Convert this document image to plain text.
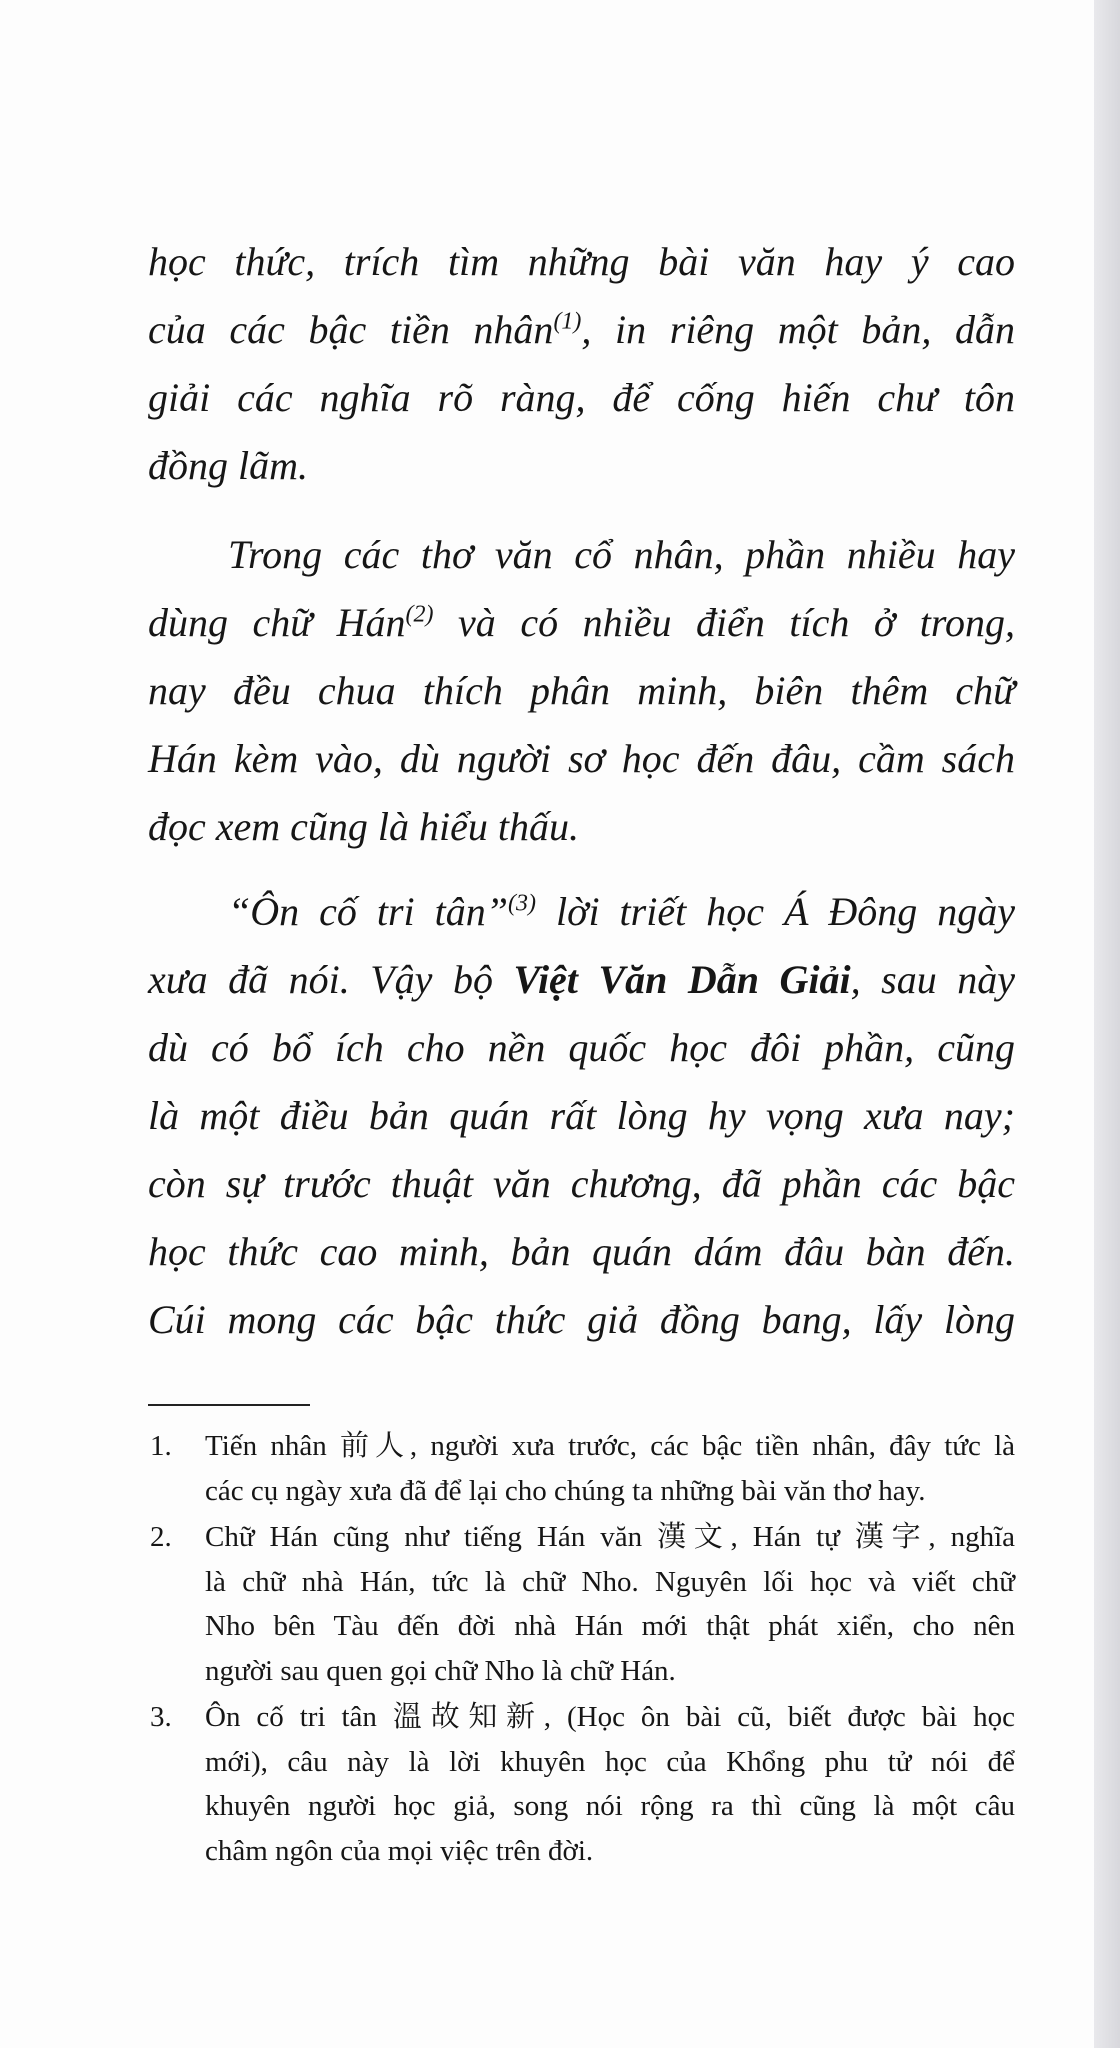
học thức, trích tìm những bài văn hay ý cao
của các bậc tiền nhân$^{(1)}$, in riêng một bản, dẫn
giải các nghĩa rõ ràng, để cống hiến chư tôn
đồng lãm.
Trong các thơ văn cổ nhân, phần nhiều hay
dùng chữ Hán$^{(2)}$ và có nhiều điển tích ở trong,
nay đều chua thích phân minh, biên thêm chữ
Hán kèm vào, dù người sơ học đến đâu, cầm sách
đọc xem cũng là hiểu thấu.
“Ôn cố tri tân”$^{(3)}$ lời triết học Á Đông ngày
xưa đã nói. Vậy bộ Việt Văn Dẫn Giải, sau này
dù có bổ ích cho nền quốc học đôi phần, cũng
là một điều bản quán rất lòng hy vọng xưa nay;
còn sự trước thuật văn chương, đã phần các bậc
học thức cao minh, bản quán dám đâu bàn đến.
Cúi mong các bậc thức giả đồng bang, lấy lòng
1. Tiến nhân 前人, người xưa trước, các bậc tiền nhân, đây tức là
các cụ ngày xưa đã để lại cho chúng ta những bài văn thơ hay.
2. Chữ Hán cũng như tiếng Hán văn 漢文, Hán tự 漢字, nghĩa
là chữ nhà Hán, tức là chữ Nho. Nguyên lối học và viết chữ
Nho bên Tàu đến đời nhà Hán mới thật phát xiển, cho nên
người sau quen gọi chữ Nho là chữ Hán.
3. Ôn cố tri tân 溫故知新, (Học ôn bài cũ, biết được bài học
mới), câu này là lời khuyên học của Khổng phu tử nói để
khuyên người học giả, song nói rộng ra thì cũng là một câu
châm ngôn của mọi việc trên đời.
